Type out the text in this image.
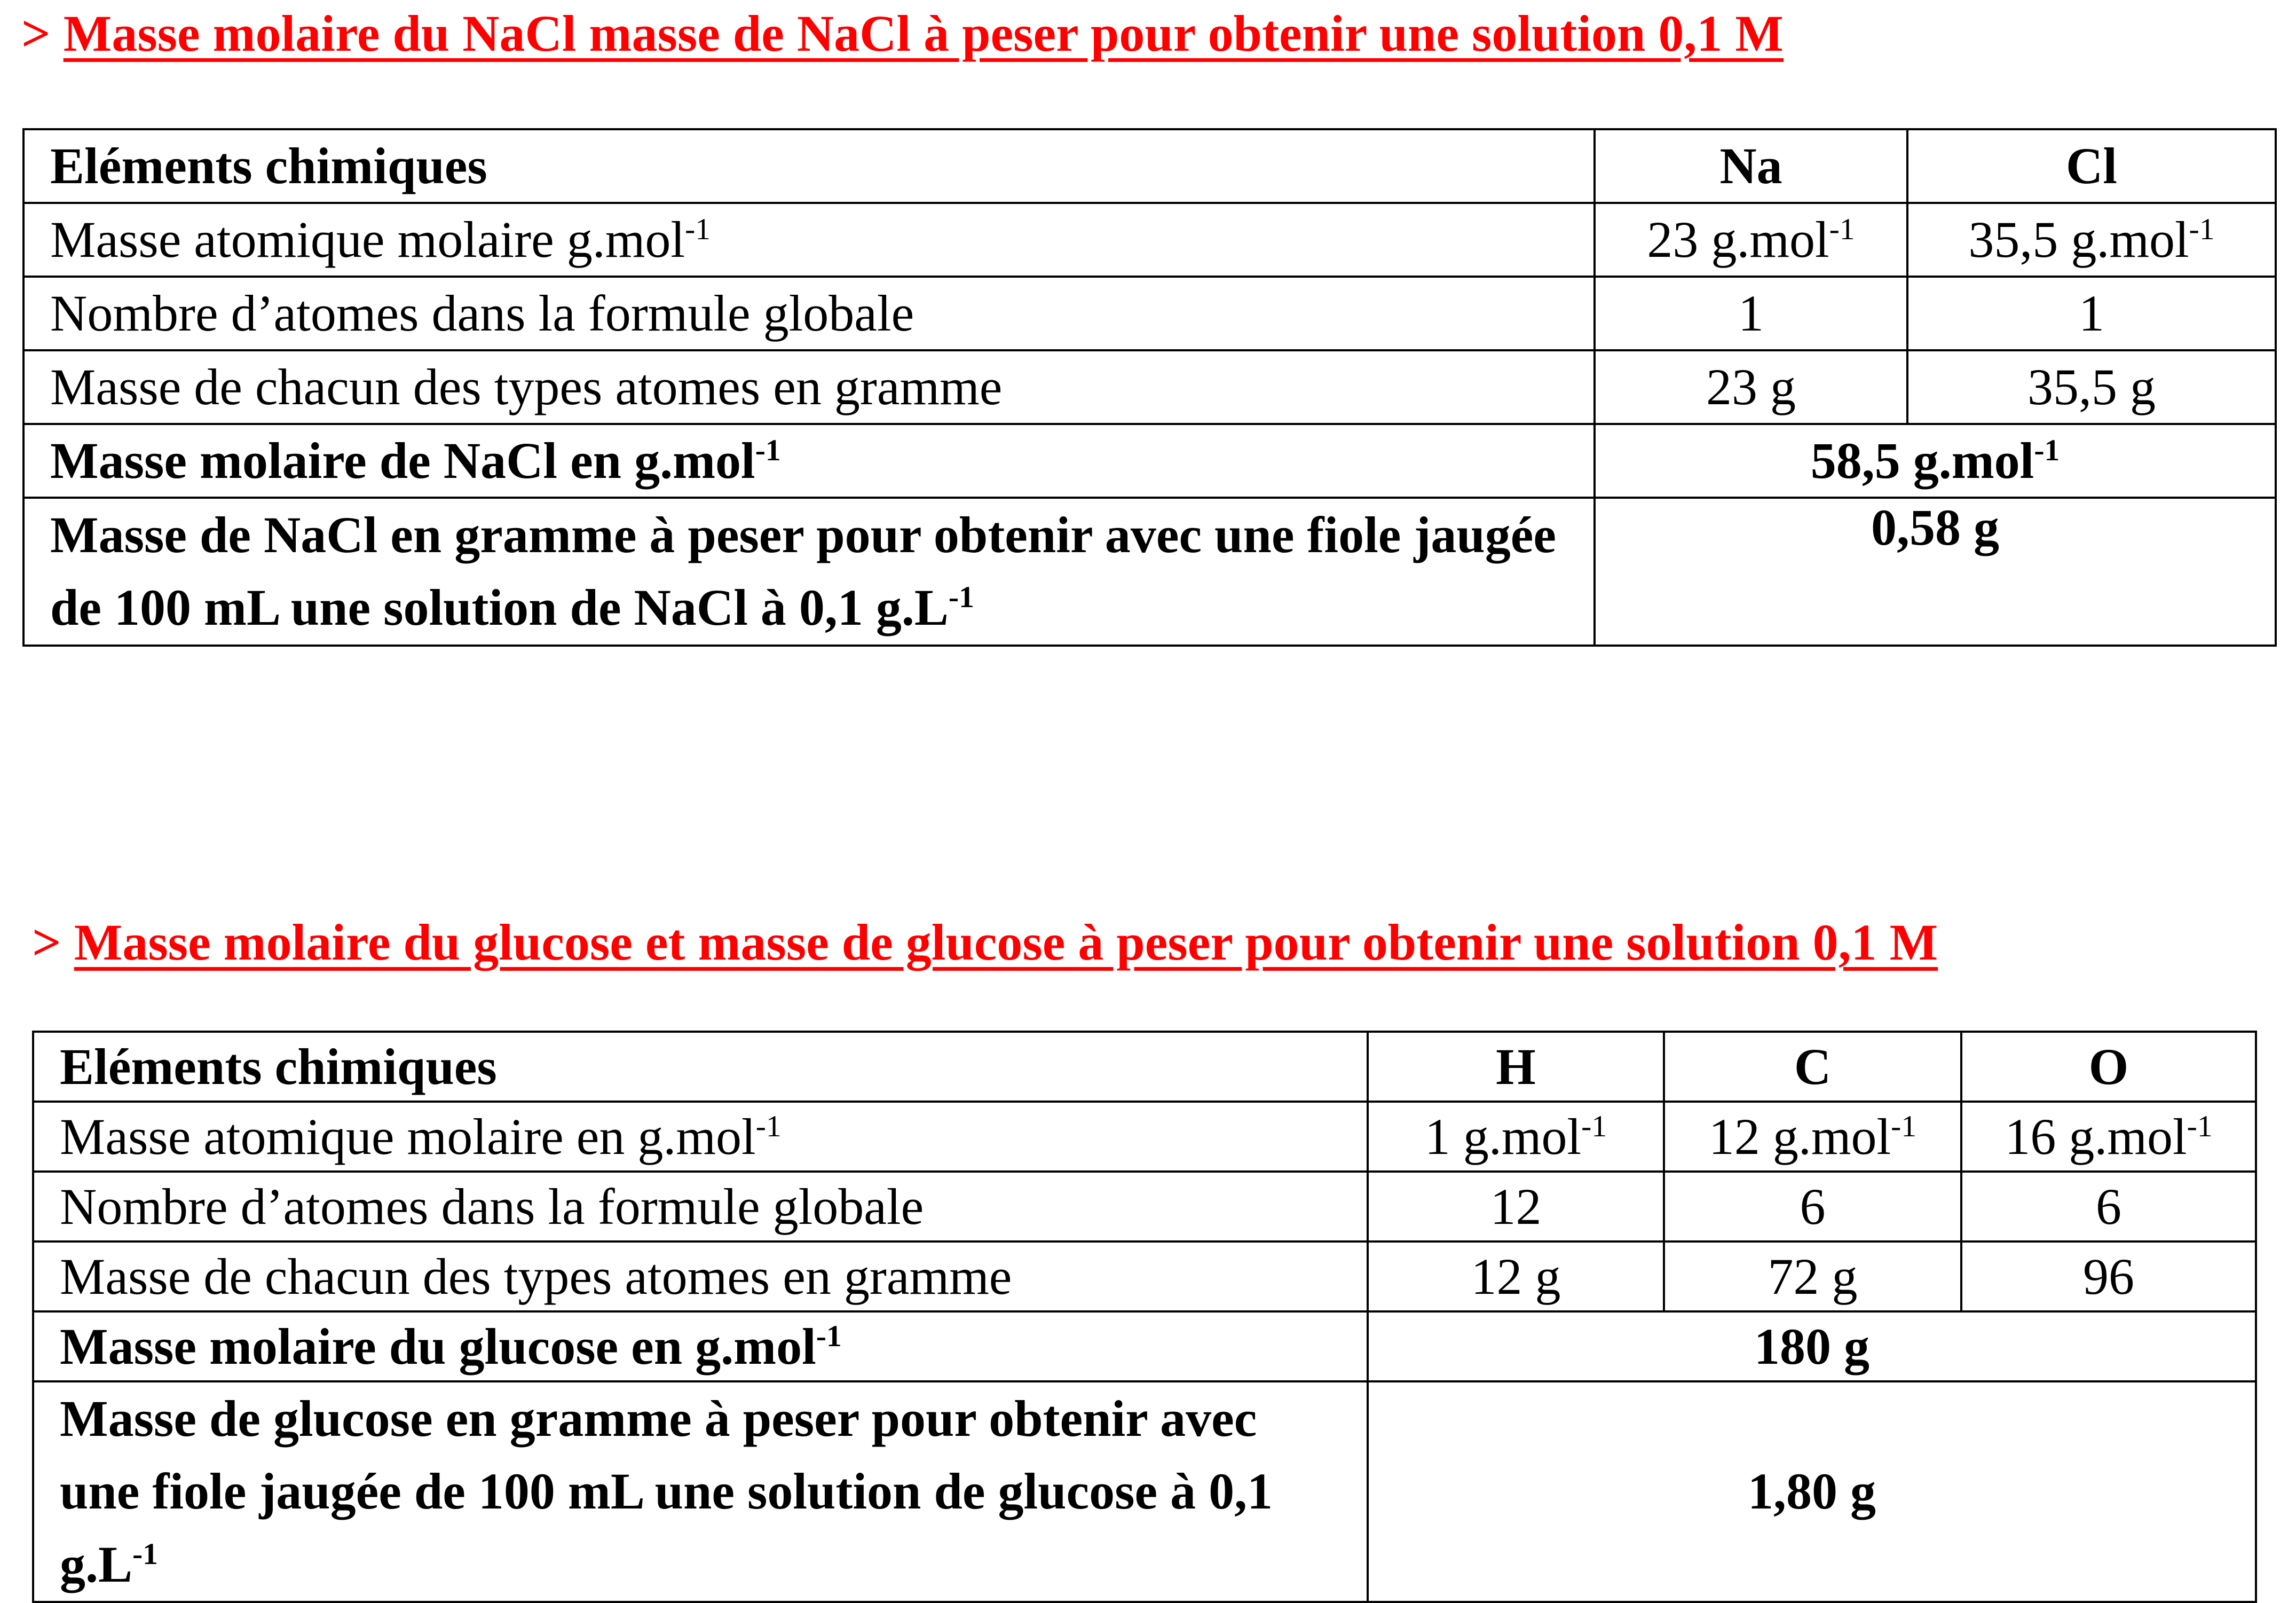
> Masse molaire du NaCl masse de NaCl à peser pour obtenir une solution 0,1 M
Eléments chimiques	Na	Cl
Masse atomique molaire g.mol$^{-1}$	23 g.mol$^{-1}$	35,5 g.mol$^{-1}$
Nombre d’atomes dans la formule globale	1	1
Masse de chacun des types atomes en gramme	23 g	35,5 g
Masse molaire de NaCl en g.mol$^{-1}$	58,5 g.mol$^{-1}$
Masse de NaCl en gramme à peser pour obtenir avec une fiole jaugée de 100 mL une solution de NaCl à 0,1 $g.L^{-1}$	0,58 g	
> Masse molaire du glucose et masse de glucose à peser pour obtenir une solution 0,1 M
Eléments chimiques	H	C	O
Masse atomique molaire en g.mol$^{-1}$	1 g.mol$^{-1}$	12 g.mol$^{-1}$	16 g.mol$^{-1}$
Nombre d’atomes dans la formule globale	12	6	6
Masse de chacun des types atomes en gramme	12 g	72 g	96
Masse molaire du glucose en g.mol$^{-1}$	180 g		
Masse de glucose en gramme à peser pour obtenir avec une fiole jaugée de 100 mL une solution de glucose à 0,1 $g.L^{-1}$	1,80 g		
